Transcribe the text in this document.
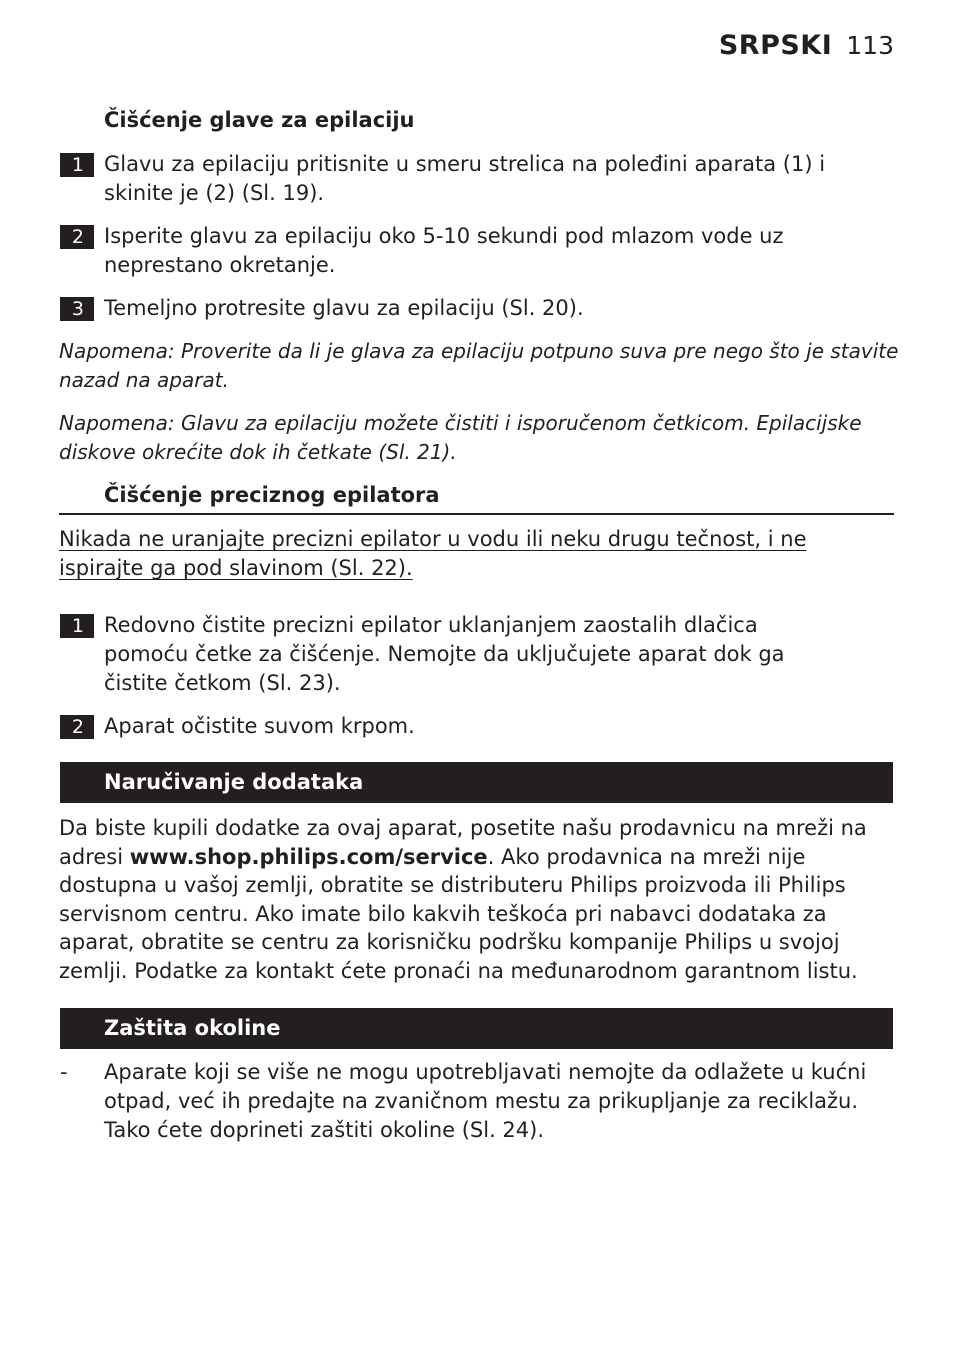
SRPSKI 113
Čišćenje glave za epilaciju
1 Glavu za epilaciju pritisnite u smeru strelica na poleđini aparata (1) i skinite je (2) (Sl. 19).
2 Isperite glavu za epilaciju oko 5-10 sekundi pod mlazom vode uz neprestano okretanje.
3 Temeljno protresite glavu za epilaciju (Sl. 20).
Napomena: Proverite da li je glava za epilaciju potpuno suva pre nego što je stavite nazad na aparat.
Napomena: Glavu za epilaciju možete čistiti i isporučenom četkicom. Epilacijske diskove okrećite dok ih četkate (Sl. 21).
Čišćenje preciznog epilatora
Nikada ne uranjajte precizni epilator u vodu ili neku drugu tečnost, i ne ispirajte ga pod slavinom (Sl. 22).
1 Redovno čistite precizni epilator uklanjanjem zaostalih dlačica pomoću četke za čišćenje. Nemojte da uključujete aparat dok ga čistite četkom (Sl. 23).
2 Aparat očistite suvom krpom.
Naručivanje dodataka
Da biste kupili dodatke za ovaj aparat, posetite našu prodavnicu na mreži na adresi www.shop.philips.com/service. Ako prodavnica na mreži nije dostupna u vašoj zemlji, obratite se distributeru Philips proizvoda ili Philips servisnom centru. Ako imate bilo kakvih teškoća pri nabavci dodataka za aparat, obratite se centru za korisničku podršku kompanije Philips u svojoj zemlji. Podatke za kontakt ćete pronaći na međunarodnom garantnom listu.
Zaštita okoline
- Aparate koji se više ne mogu upotrebljavati nemojte da odlažete u kućni otpad, već ih predajte na zvaničnom mestu za prikupljanje za reciklažu. Tako ćete doprineti zaštiti okoline (Sl. 24).
